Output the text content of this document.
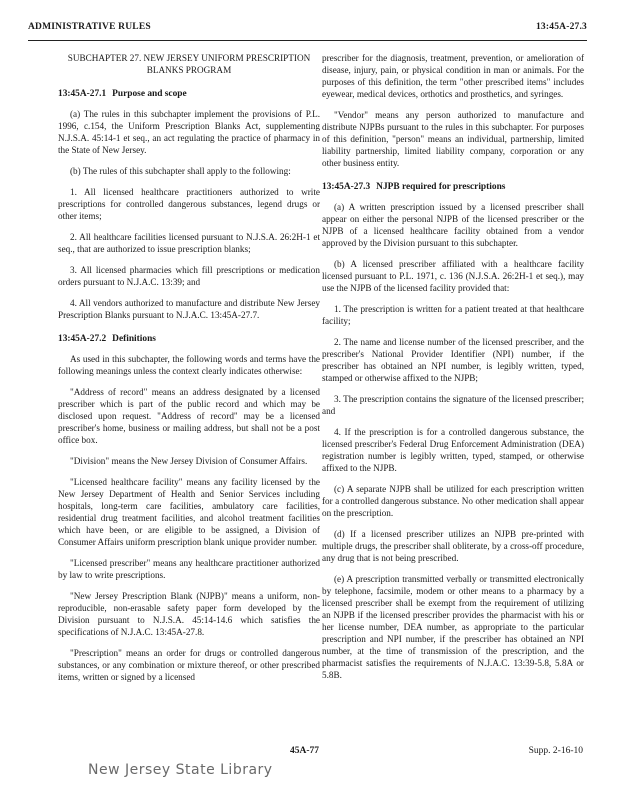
ADMINISTRATIVE RULES	13:45A-27.3

SUBCHAPTER 27. NEW JERSEY UNIFORM PRESCRIPTION BLANKS PROGRAM

13:45A-27.1 Purpose and scope

(a) The rules in this subchapter implement the provisions of P.L. 1996, c.154, the Uniform Prescription Blanks Act, supplementing N.J.S.A. 45:14-1 et seq., an act regulating the practice of pharmacy in the State of New Jersey.

(b) The rules of this subchapter shall apply to the following:

1. All licensed healthcare practitioners authorized to write prescriptions for controlled dangerous substances, legend drugs or other items;

2. All healthcare facilities licensed pursuant to N.J.S.A. 26:2H-1 et seq., that are authorized to issue prescription blanks;

3. All licensed pharmacies which fill prescriptions or medication orders pursuant to N.J.A.C. 13:39; and

4. All vendors authorized to manufacture and distribute New Jersey Prescription Blanks pursuant to N.J.A.C. 13:45A-27.7.

13:45A-27.2 Definitions

As used in this subchapter, the following words and terms have the following meanings unless the context clearly indicates otherwise:

"Address of record" means an address designated by a licensed prescriber which is part of the public record and which may be disclosed upon request. "Address of record" may be a licensed prescriber's home, business or mailing address, but shall not be a post office box.

"Division" means the New Jersey Division of Consumer Affairs.

"Licensed healthcare facility" means any facility licensed by the New Jersey Department of Health and Senior Services including hospitals, long-term care facilities, ambulatory care facilities, residential drug treatment facilities, and alcohol treatment facilities which have been, or are eligible to be assigned, a Division of Consumer Affairs uniform prescription blank unique provider number.

"Licensed prescriber" means any healthcare practitioner authorized by law to write prescriptions.

"New Jersey Prescription Blank (NJPB)" means a uniform, non-reproducible, non-erasable safety paper form developed by the Division pursuant to N.J.S.A. 45:14-14.6 which satisfies the specifications of N.J.A.C. 13:45A-27.8.

"Prescription" means an order for drugs or controlled dangerous substances, or any combination or mixture thereof, or other prescribed items, written or signed by a licensed

prescriber for the diagnosis, treatment, prevention, or amelioration of disease, injury, pain, or physical condition in man or animals. For the purposes of this definition, the term "other prescribed items" includes eyewear, medical devices, orthotics and prosthetics, and syringes.

"Vendor" means any person authorized to manufacture and distribute NJPBs pursuant to the rules in this subchapter. For purposes of this definition, "person" means an individual, partnership, limited liability partnership, limited liability company, corporation or any other business entity.

13:45A-27.3 NJPB required for prescriptions

(a) A written prescription issued by a licensed prescriber shall appear on either the personal NJPB of the licensed prescriber or the NJPB of a licensed healthcare facility obtained from a vendor approved by the Division pursuant to this subchapter.

(b) A licensed prescriber affiliated with a healthcare facility licensed pursuant to P.L. 1971, c. 136 (N.J.S.A. 26:2H-1 et seq.), may use the NJPB of the licensed facility provided that:

1. The prescription is written for a patient treated at that healthcare facility;

2. The name and license number of the licensed prescriber, and the prescriber's National Provider Identifier (NPI) number, if the prescriber has obtained an NPI number, is legibly written, typed, stamped or otherwise affixed to the NJPB;

3. The prescription contains the signature of the licensed prescriber; and

4. If the prescription is for a controlled dangerous substance, the licensed prescriber's Federal Drug Enforcement Administration (DEA) registration number is legibly written, typed, stamped, or otherwise affixed to the NJPB.

(c) A separate NJPB shall be utilized for each prescription written for a controlled dangerous substance. No other medication shall appear on the prescription.

(d) If a licensed prescriber utilizes an NJPB pre-printed with multiple drugs, the prescriber shall obliterate, by a cross-off procedure, any drug that is not being prescribed.

(e) A prescription transmitted verbally or transmitted electronically by telephone, facsimile, modem or other means to a pharmacy by a licensed prescriber shall be exempt from the requirement of utilizing an NJPB if the licensed prescriber provides the pharmacist with his or her license number, DEA number, as appropriate to the particular prescription and NPI number, if the prescriber has obtained an NPI number, at the time of transmission of the prescription, and the pharmacist satisfies the requirements of N.J.A.C. 13:39-5.8, 5.8A or 5.8B.

45A-77	Supp. 2-16-10
New Jersey State Library
